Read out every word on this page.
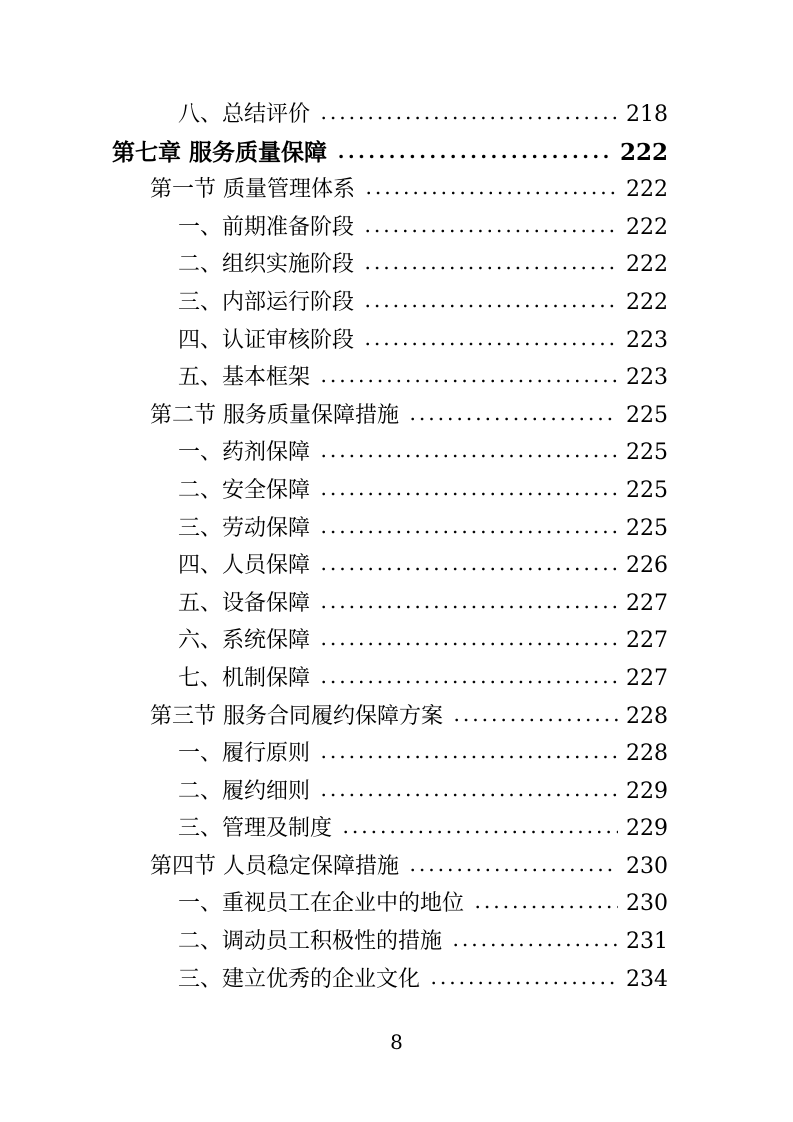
八、总结评价	218
第七章 服务质量保障	222
第一节 质量管理体系	222
一、前期准备阶段	222
二、组织实施阶段	222
三、内部运行阶段	222
四、认证审核阶段	223
五、基本框架	223
第二节 服务质量保障措施	225
一、药剂保障	225
二、安全保障	225
三、劳动保障	225
四、人员保障	226
五、设备保障	227
六、系统保障	227
七、机制保障	227
第三节 服务合同履约保障方案	228
一、履行原则	228
二、履约细则	229
三、管理及制度	229
第四节 人员稳定保障措施	230
一、重视员工在企业中的地位	230
二、调动员工积极性的措施	231
三、建立优秀的企业文化	234
8
